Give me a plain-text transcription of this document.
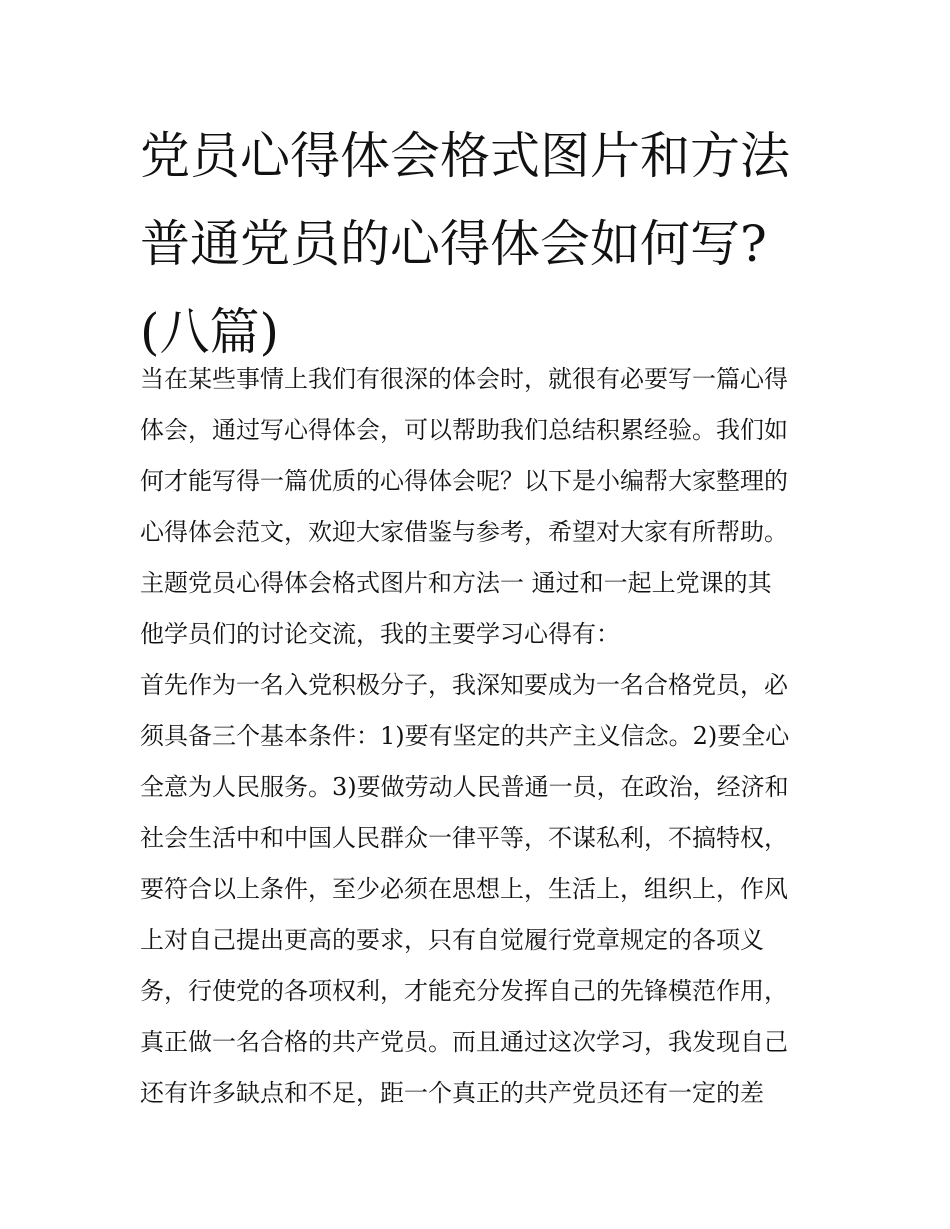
党员心得体会格式图片和方法
普通党员的心得体会如何写?
(八篇)
当在某些事情上我们有很深的体会时，就很有必要写一篇心得
体会，通过写心得体会，可以帮助我们总结积累经验。我们如
何才能写得一篇优质的心得体会呢？以下是小编帮大家整理的
心得体会范文，欢迎大家借鉴与参考，希望对大家有所帮助。
主题党员心得体会格式图片和方法一 通过和一起上党课的其
他学员们的讨论交流，我的主要学习心得有：
首先作为一名入党积极分子，我深知要成为一名合格党员，必
须具备三个基本条件：1)要有坚定的共产主义信念。2)要全心
全意为人民服务。3)要做劳动人民普通一员，在政治，经济和
社会生活中和中国人民群众一律平等，不谋私利，不搞特权，
要符合以上条件，至少必须在思想上，生活上，组织上，作风
上对自己提出更高的要求，只有自觉履行党章规定的各项义
务，行使党的各项权利，才能充分发挥自己的先锋模范作用，
真正做一名合格的共产党员。而且通过这次学习，我发现自己
还有许多缺点和不足，距一个真正的共产党员还有一定的差
